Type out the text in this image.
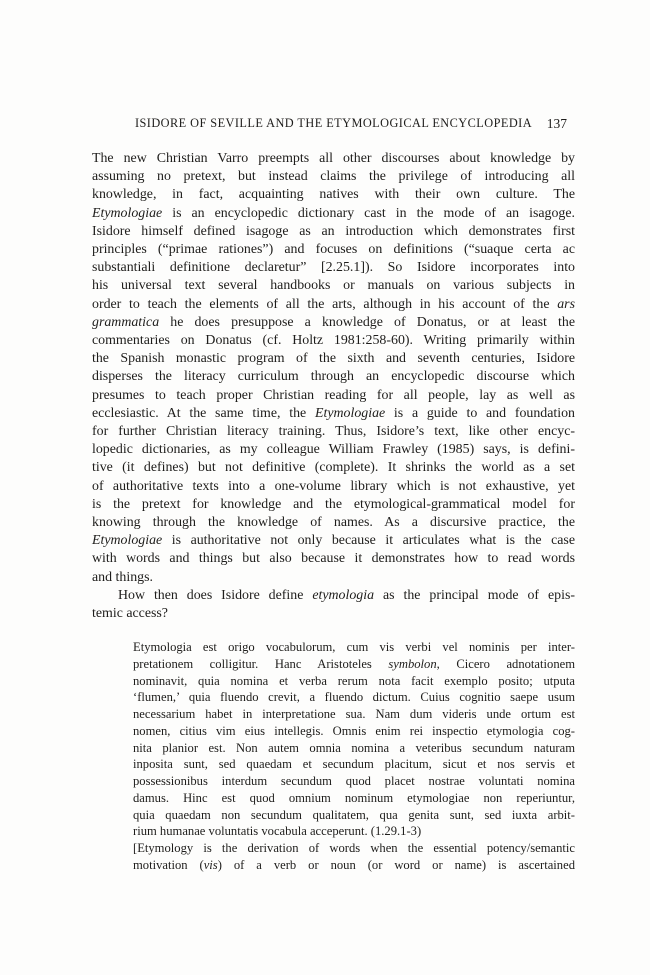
ISIDORE OF SEVILLE AND THE ETYMOLOGICAL ENCYCLOPEDIA 137
The new Christian Varro preempts all other discourses about knowledge by
assuming no pretext, but instead claims the privilege of introducing all
knowledge, in fact, acquainting natives with their own culture. The
Etymologiae is an encyclopedic dictionary cast in the mode of an isagoge.
Isidore himself defined isagoge as an introduction which demonstrates first
principles (“primae rationes”) and focuses on definitions (“suaque certa ac
substantiali definitione declaretur” [2.25.1]). So Isidore incorporates into
his universal text several handbooks or manuals on various subjects in
order to teach the elements of all the arts, although in his account of the ars
grammatica he does presuppose a knowledge of Donatus, or at least the
commentaries on Donatus (cf. Holtz 1981:258-60). Writing primarily within
the Spanish monastic program of the sixth and seventh centuries, Isidore
disperses the literacy curriculum through an encyclopedic discourse which
presumes to teach proper Christian reading for all people, lay as well as
ecclesiastic. At the same time, the Etymologiae is a guide to and foundation
for further Christian literacy training. Thus, Isidore’s text, like other encyc-
lopedic dictionaries, as my colleague William Frawley (1985) says, is defini-
tive (it defines) but not definitive (complete). It shrinks the world as a set
of authoritative texts into a one-volume library which is not exhaustive, yet
is the pretext for knowledge and the etymological-grammatical model for
knowing through the knowledge of names. As a discursive practice, the
Etymologiae is authoritative not only because it articulates what is the case
with words and things but also because it demonstrates how to read words
and things.
How then does Isidore define etymologia as the principal mode of epis-
temic access?
Etymologia est origo vocabulorum, cum vis verbi vel nominis per inter-
pretationem colligitur. Hanc Aristoteles symbolon, Cicero adnotationem
nominavit, quia nomina et verba rerum nota facit exemplo posito; utputa
‘flumen,’ quia fluendo crevit, a fluendo dictum. Cuius cognitio saepe usum
necessarium habet in interpretatione sua. Nam dum videris unde ortum est
nomen, citius vim eius intellegis. Omnis enim rei inspectio etymologia cog-
nita planior est. Non autem omnia nomina a veteribus secundum naturam
inposita sunt, sed quaedam et secundum placitum, sicut et nos servis et
possessionibus interdum secundum quod placet nostrae voluntati nomina
damus. Hinc est quod omnium nominum etymologiae non reperiuntur,
quia quaedam non secundum qualitatem, qua genita sunt, sed iuxta arbit-
rium humanae voluntatis vocabula acceperunt. (1.29.1-3)
[Etymology is the derivation of words when the essential potency/semantic
motivation (vis) of a verb or noun (or word or name) is ascertained
